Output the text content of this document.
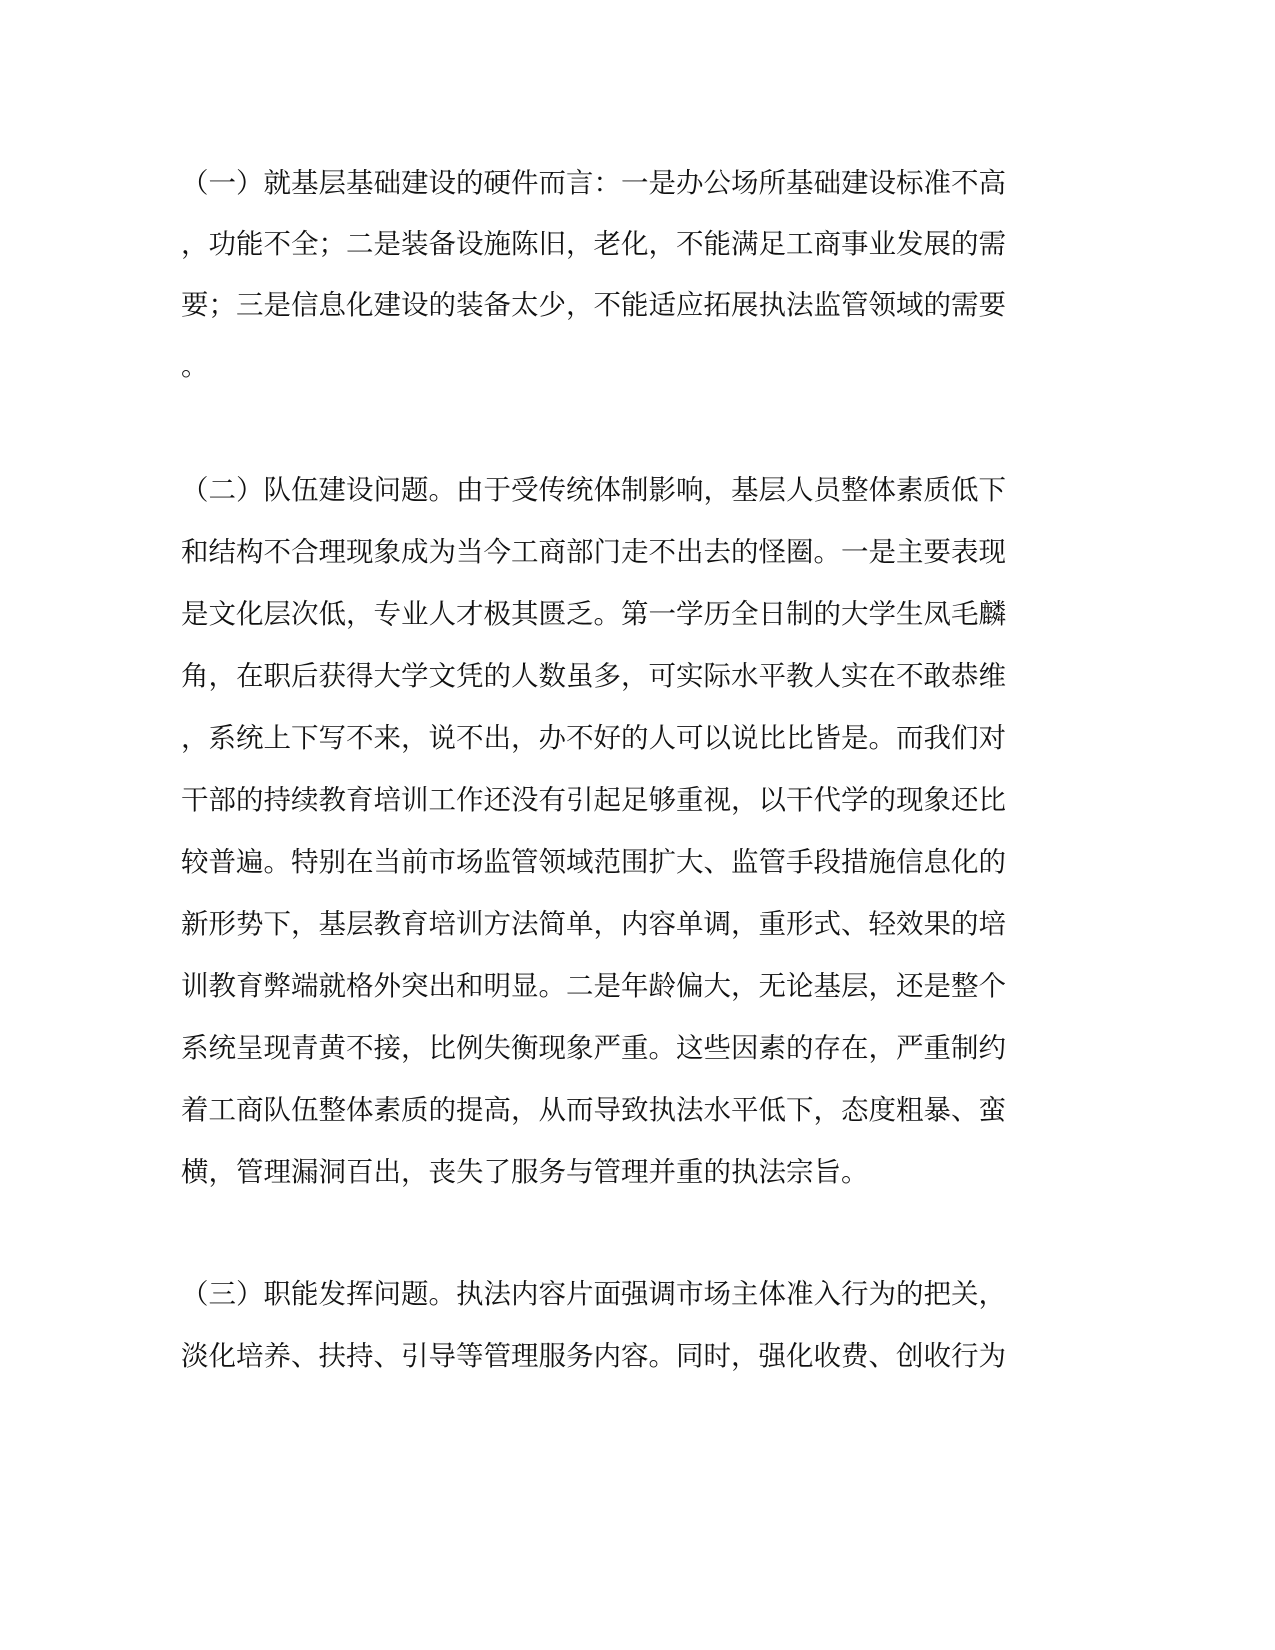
（一）就基层基础建设的硬件而言：一是办公场所基础建设标准不高
，功能不全；二是装备设施陈旧，老化，不能满足工商事业发展的需
要；三是信息化建设的装备太少，不能适应拓展执法监管领域的需要
。
（二）队伍建设问题。由于受传统体制影响，基层人员整体素质低下
和结构不合理现象成为当今工商部门走不出去的怪圈。一是主要表现
是文化层次低，专业人才极其匮乏。第一学历全日制的大学生凤毛麟
角，在职后获得大学文凭的人数虽多，可实际水平教人实在不敢恭维
，系统上下写不来，说不出，办不好的人可以说比比皆是。而我们对
干部的持续教育培训工作还没有引起足够重视，以干代学的现象还比
较普遍。特别在当前市场监管领域范围扩大、监管手段措施信息化的
新形势下，基层教育培训方法简单，内容单调，重形式、轻效果的培
训教育弊端就格外突出和明显。二是年龄偏大，无论基层，还是整个
系统呈现青黄不接，比例失衡现象严重。这些因素的存在，严重制约
着工商队伍整体素质的提高，从而导致执法水平低下，态度粗暴、蛮
横，管理漏洞百出，丧失了服务与管理并重的执法宗旨。
（三）职能发挥问题。执法内容片面强调市场主体准入行为的把关，
淡化培养、扶持、引导等管理服务内容。同时，强化收费、创收行为
